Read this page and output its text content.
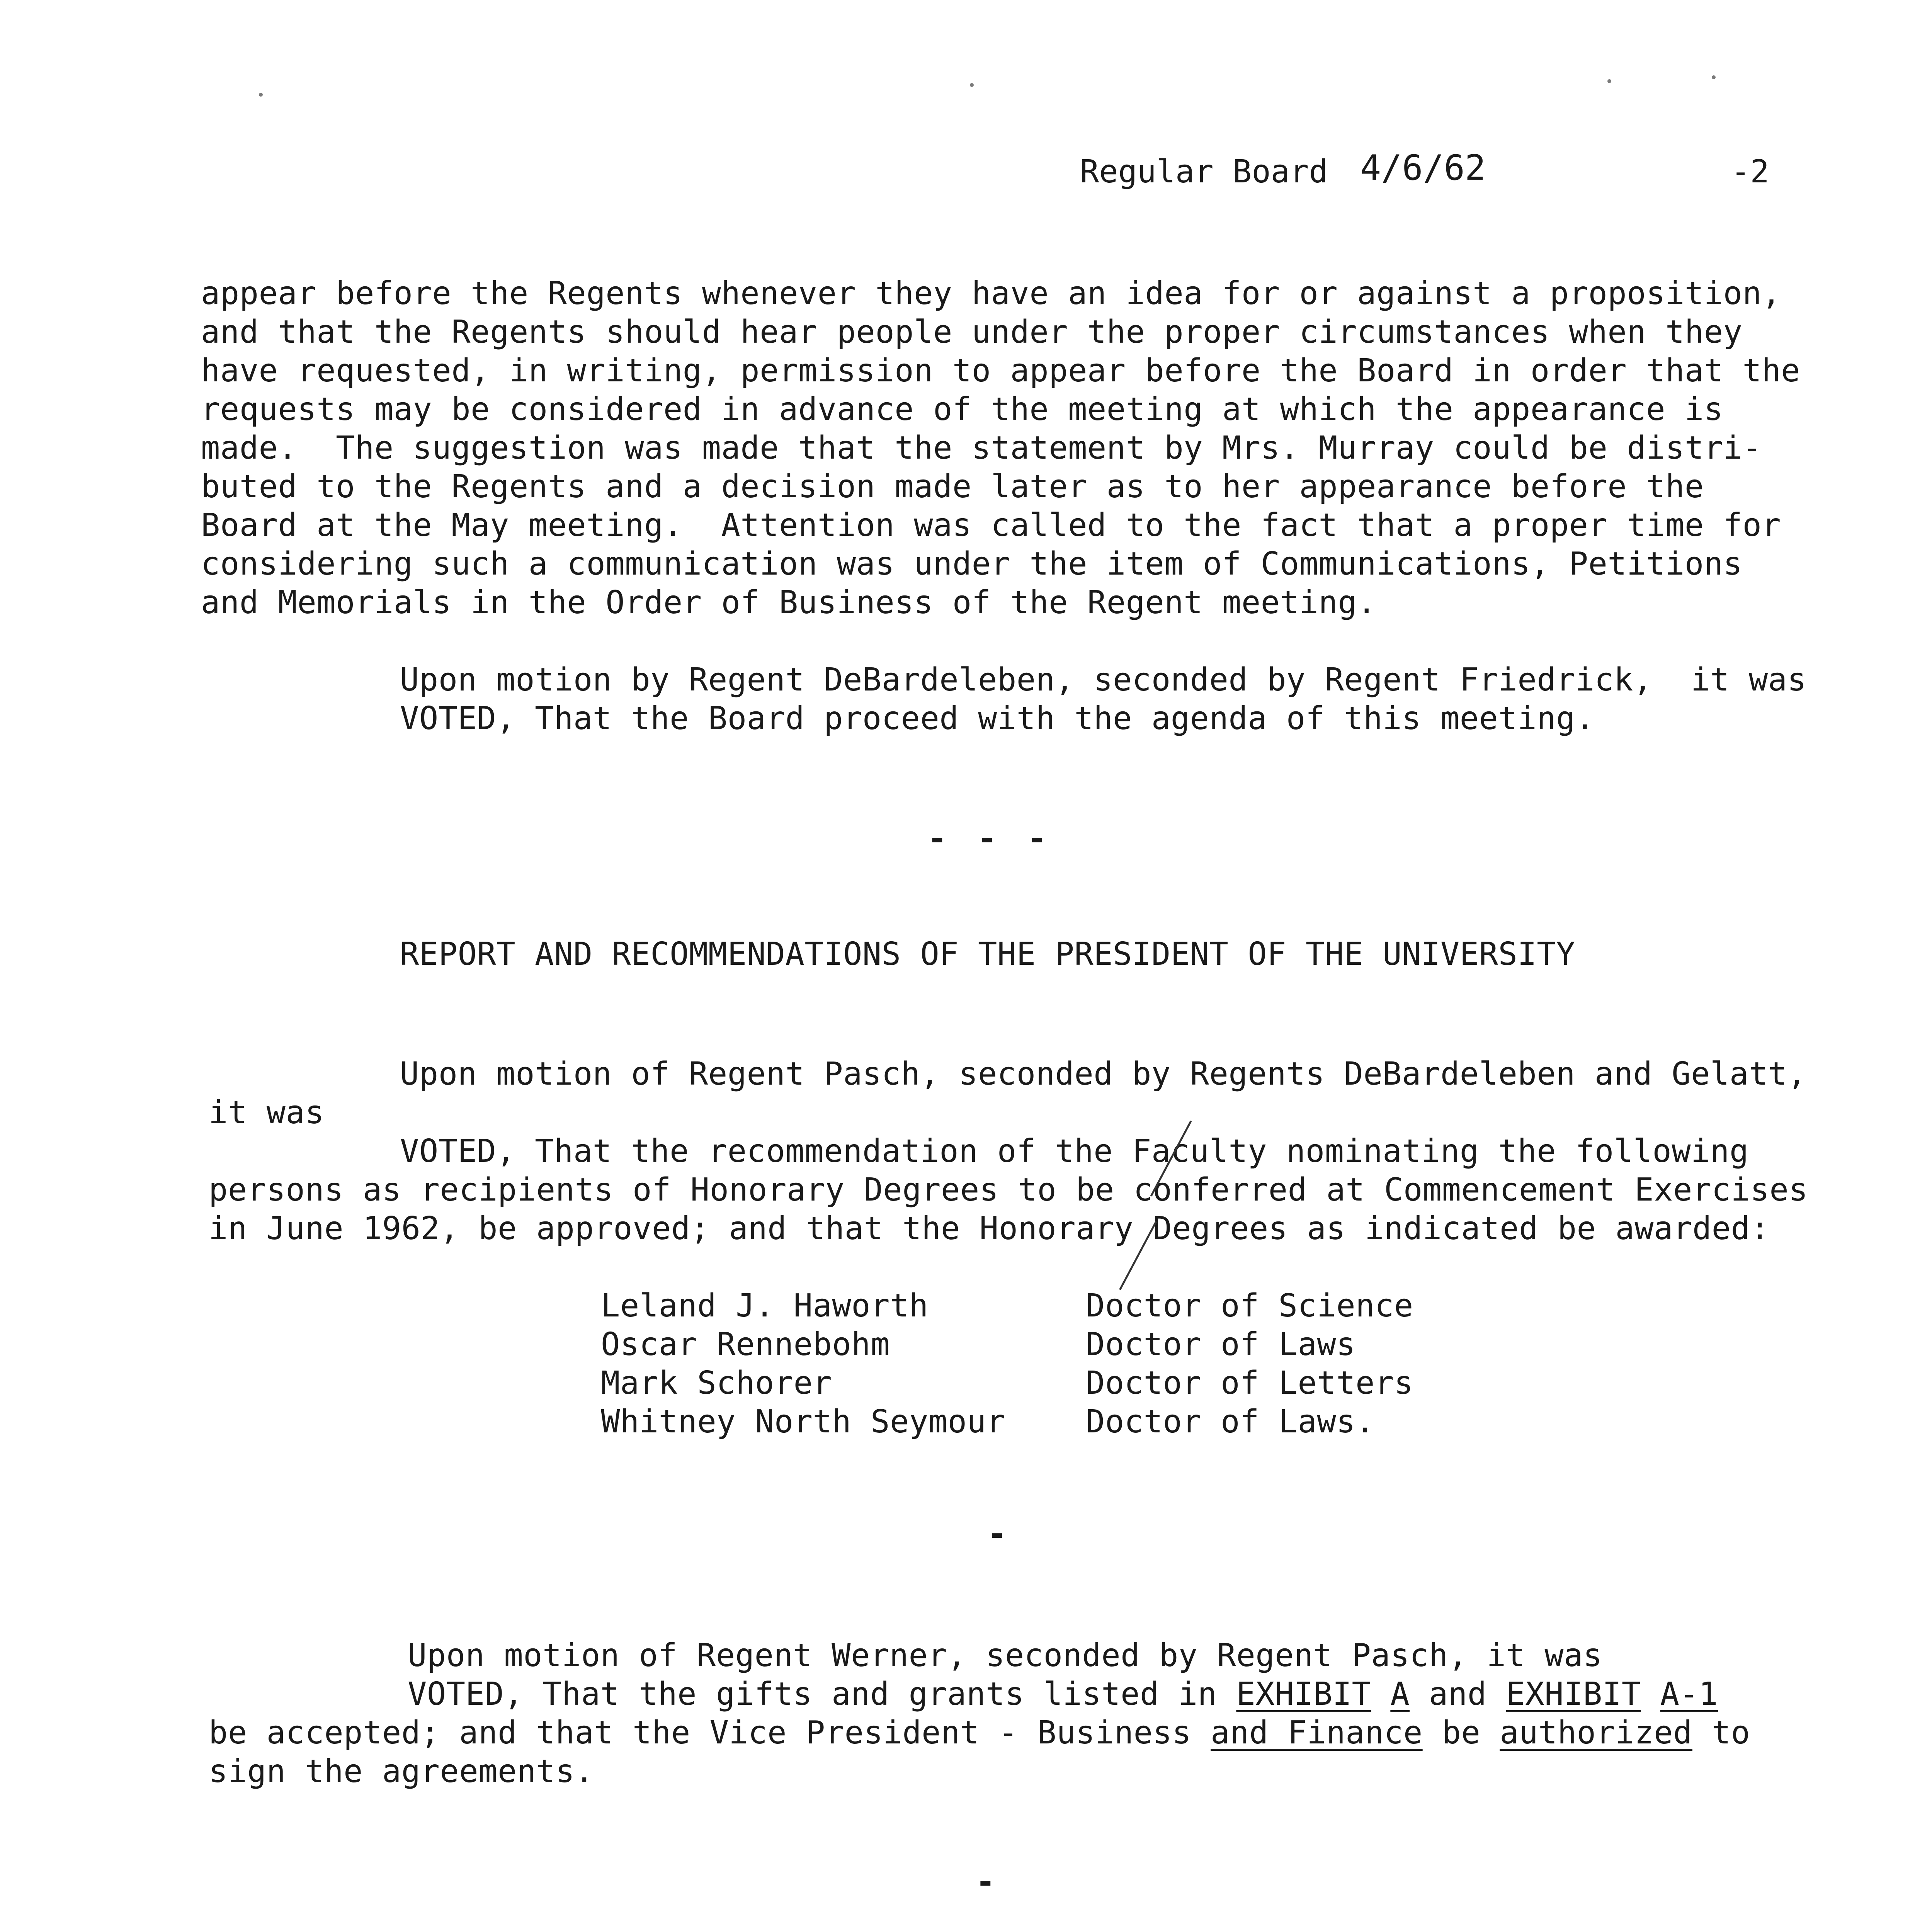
Regular Board 4/6/62	-2
appear before the Regents whenever they have an idea for or against a proposition,
and that the Regents should hear people under the proper circumstances when they
have requested, in writing, permission to appear before the Board in order that the
requests may be considered in advance of the meeting at which the appearance is
made.  The suggestion was made that the statement by Mrs. Murray could be distri-
buted to the Regents and a decision made later as to her appearance before the
Board at the May meeting.  Attention was called to the fact that a proper time for
considering such a communication was under the item of Communications, Petitions
and Memorials in the Order of Business of the Regent meeting.
Upon motion by Regent DeBardeleben, seconded by Regent Friedrick,  it was
VOTED, That the Board proceed with the agenda of this meeting.
- - -
REPORT AND RECOMMENDATIONS OF THE PRESIDENT OF THE UNIVERSITY
Upon motion of Regent Pasch, seconded by Regents DeBardeleben and Gelatt,
it was
VOTED, That the recommendation of the Faculty nominating the following
persons as recipients of Honorary Degrees to be conferred at Commencement Exercises
in June 1962, be approved; and that the Honorary Degrees as indicated be awarded:
Leland J. Haworth	Doctor of Science
Oscar Rennebohm	Doctor of Laws
Mark Schorer	Doctor of Letters
Whitney North Seymour	Doctor of Laws.
-
Upon motion of Regent Werner, seconded by Regent Pasch, it was
VOTED, That the gifts and grants listed in EXHIBIT A and EXHIBIT A-1
be accepted; and that the Vice President - Business and Finance be authorized to
sign the agreements.
-
